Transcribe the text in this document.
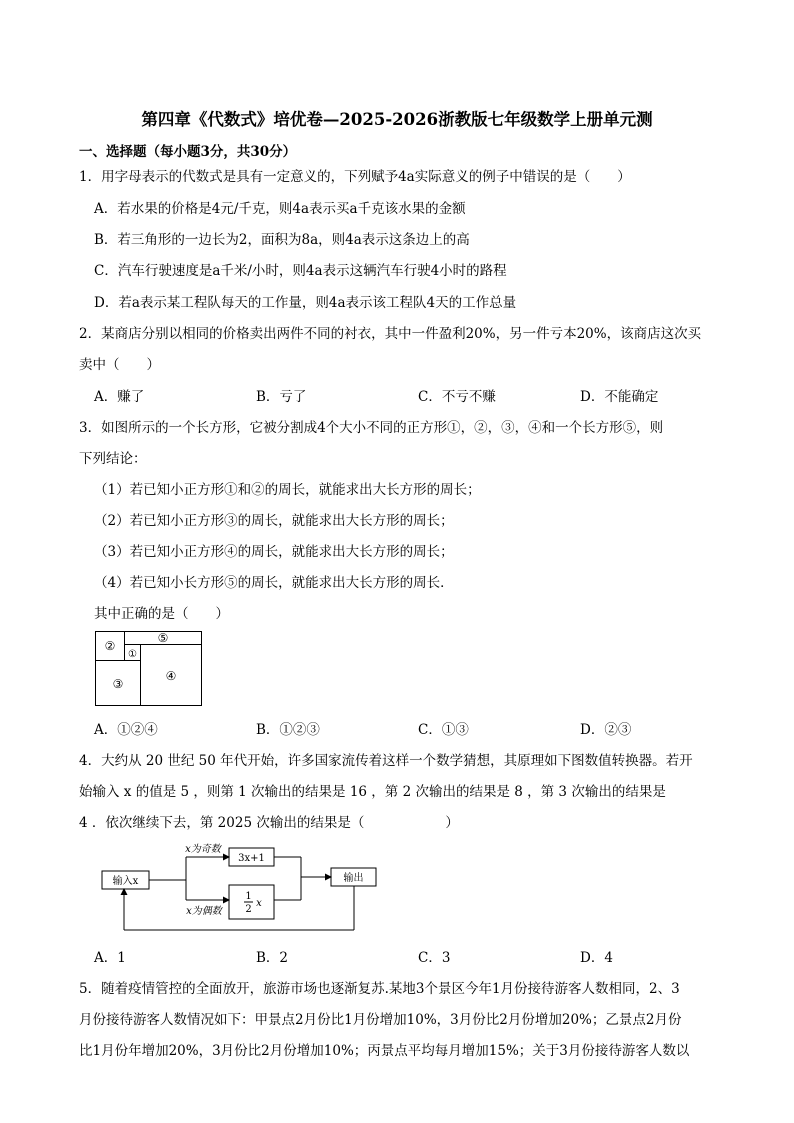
第四章《代数式》培优卷—2025-2026浙教版七年级数学上册单元测
一、选择题（每小题3分，共30分）
1．用字母表示的代数式是具有一定意义的，下列赋予4a实际意义的例子中错误的是（　　）
A．若水果的价格是4元/千克，则4a表示买a千克该水果的金额
B．若三角形的一边长为2，面积为8a，则4a表示这条边上的高
C．汽车行驶速度是a千米/小时，则4a表示这辆汽车行驶4小时的路程
D．若a表示某工程队每天的工作量，则4a表示该工程队4天的工作总量
2．某商店分别以相同的价格卖出两件不同的衬衣，其中一件盈利20%，另一件亏本20%，该商店这次买
卖中（　　）
A．赚了	B．亏了	C．不亏不赚	D．不能确定
3．如图所示的一个长方形，它被分割成4个大小不同的正方形①，②，③，④和一个长方形⑤，则
下列结论：
（1）若已知小正方形①和②的周长，就能求出大长方形的周长；
（2）若已知小正方形③的周长，就能求出大长方形的周长；
（3）若已知小正方形④的周长，就能求出大长方形的周长；
（4）若已知小长方形⑤的周长，就能求出大长方形的周长．
其中正确的是（　　）
②
⑤
①
③
④
A．①②④	B．①②③	C．①③	D．②③
4．大约从 20 世纪 50 年代开始，许多国家流传着这样一个数学猜想，其原理如下图数值转换器。若开
始输入 x 的值是 5 ，则第 1 次输出的结果是 16 ，第 2 次输出的结果是 8 ，第 3 次输出的结果是
4 ．依次继续下去，第 2025 次输出的结果是（　　　　　　）
输入x
x为奇数
x为偶数
3x+1
1
2
x
输出
A．1	B．2	C．3	D．4
5．随着疫情管控的全面放开，旅游市场也逐渐复苏.某地3个景区今年1月份接待游客人数相同，2、3
月份接待游客人数情况如下：甲景点2月份比1月份增加10%，3月份比2月份增加20%；乙景点2月份
比1月份年增加20%，3月份比2月份增加10%；丙景点平均每月增加15%；关于3月份接待游客人数以
